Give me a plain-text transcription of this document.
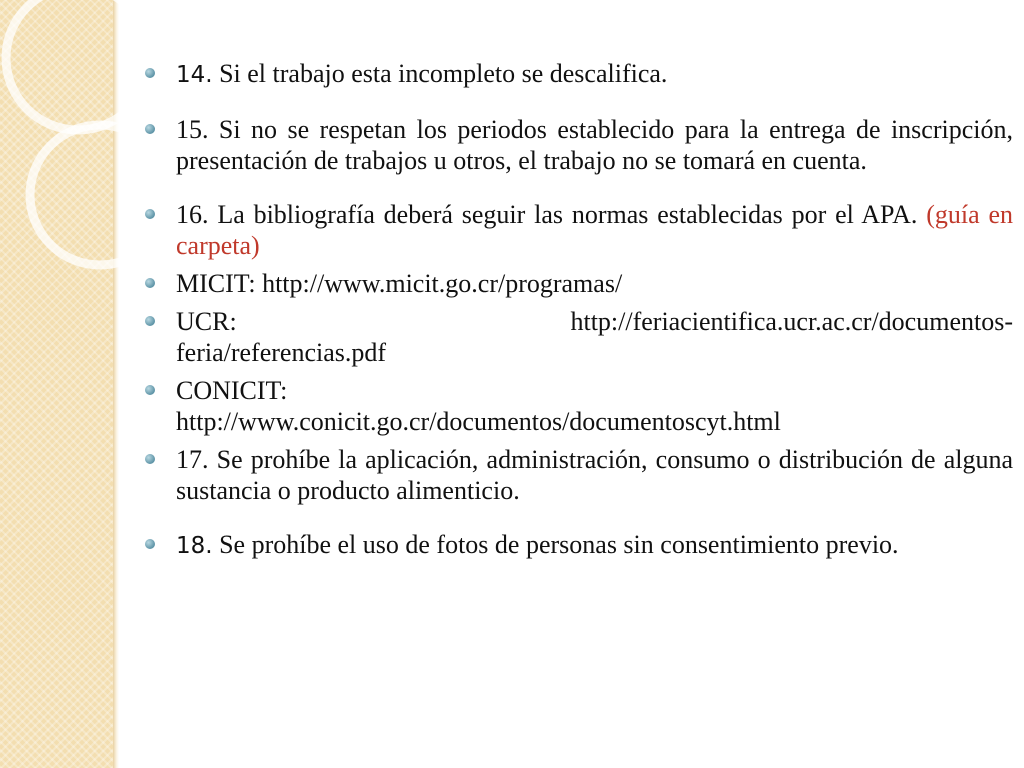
14. Si el trabajo esta incompleto se descalifica.
15. Si no se respetan los periodos establecido para la entrega de inscripción, presentación de trabajos u otros, el trabajo no se tomará en cuenta.
16. La bibliografía deberá seguir las normas establecidas por el APA. (guía en carpeta)
MICIT: http://www.micit.go.cr/programas/
UCR:	http://feriacientifica.ucr.ac.cr/documentos-
feria/referencias.pdf
CONICIT:
http://www.conicit.go.cr/documentos/documentoscyt.html
17. Se prohíbe la aplicación, administración, consumo o distribución de alguna sustancia o producto alimenticio.
18. Se prohíbe el uso de fotos de personas sin consentimiento previo.
